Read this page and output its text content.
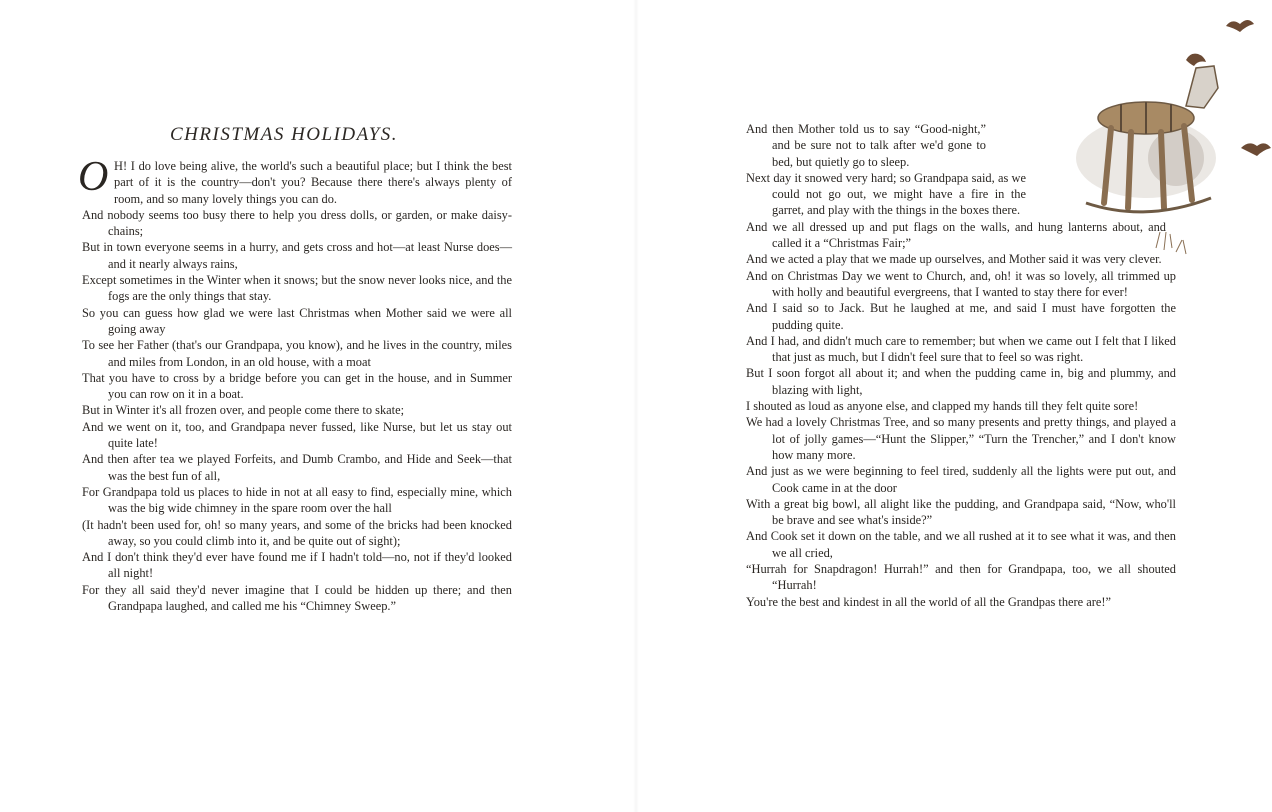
CHRISTMAS HOLIDAYS.

O H! I do love being alive, the world's such a beautiful place; but I think the best part of it is the country—don't you? Because there there's always plenty of room, and so many lovely things you can do.

And nobody seems too busy there to help you dress dolls, or garden, or make daisy-chains;

But in town everyone seems in a hurry, and gets cross and hot—at least Nurse does—and it nearly always rains,

Except sometimes in the Winter when it snows; but the snow never looks nice, and the fogs are the only things that stay.

So you can guess how glad we were last Christmas when Mother said we were all going away

To see her Father (that's our Grandpapa, you know), and he lives in the country, miles and miles from London, in an old house, with a moat

That you have to cross by a bridge before you can get in the house, and in Summer you can row on it in a boat.

But in Winter it's all frozen over, and people come there to skate;

And we went on it, too, and Grandpapa never fussed, like Nurse, but let us stay out quite late!

And then after tea we played Forfeits, and Dumb Crambo, and Hide and Seek—that was the best fun of all,

For Grandpapa told us places to hide in not at all easy to find, especially mine, which was the big wide chimney in the spare room over the hall

(It hadn't been used for, oh! so many years, and some of the bricks had been knocked away, so you could climb into it, and be quite out of sight);

And I don't think they'd ever have found me if I hadn't told—no, not if they'd looked all night!

For they all said they'd never imagine that I could be hidden up there; and then Grandpapa laughed, and called me his “Chimney Sweep.”

And then Mother told us to say “Good-night,” and be sure not to talk after we'd gone to bed, but quietly go to sleep.

Next day it snowed very hard; so Grandpapa said, as we could not go out, we might have a fire in the garret, and play with the things in the boxes there.

And we all dressed up and put flags on the walls, and hung lanterns about, and called it a “Christmas Fair;”

And we acted a play that we made up ourselves, and Mother said it was very clever.

And on Christmas Day we went to Church, and, oh! it was so lovely, all trimmed up with holly and beautiful evergreens, that I wanted to stay there for ever!

And I said so to Jack. But he laughed at me, and said I must have forgotten the pudding quite.

And I had, and didn't much care to remember; but when we came out I felt that I liked that just as much, but I didn't feel sure that to feel so was right.

But I soon forgot all about it; and when the pudding came in, big and plummy, and blazing with light,

I shouted as loud as anyone else, and clapped my hands till they felt quite sore!

We had a lovely Christmas Tree, and so many presents and pretty things, and played a lot of jolly games—“Hunt the Slipper,” “Turn the Trencher,” and I don't know how many more.

And just as we were beginning to feel tired, suddenly all the lights were put out, and Cook came in at the door

With a great big bowl, all alight like the pudding, and Grandpapa said, “Now, who'll be brave and see what's inside?”

And Cook set it down on the table, and we all rushed at it to see what it was, and then we all cried,

“Hurrah for Snapdragon! Hurrah!” and then for Grandpapa, too, we all shouted “Hurrah!

You're the best and kindest in all the world of all the Grandpas there are!”
